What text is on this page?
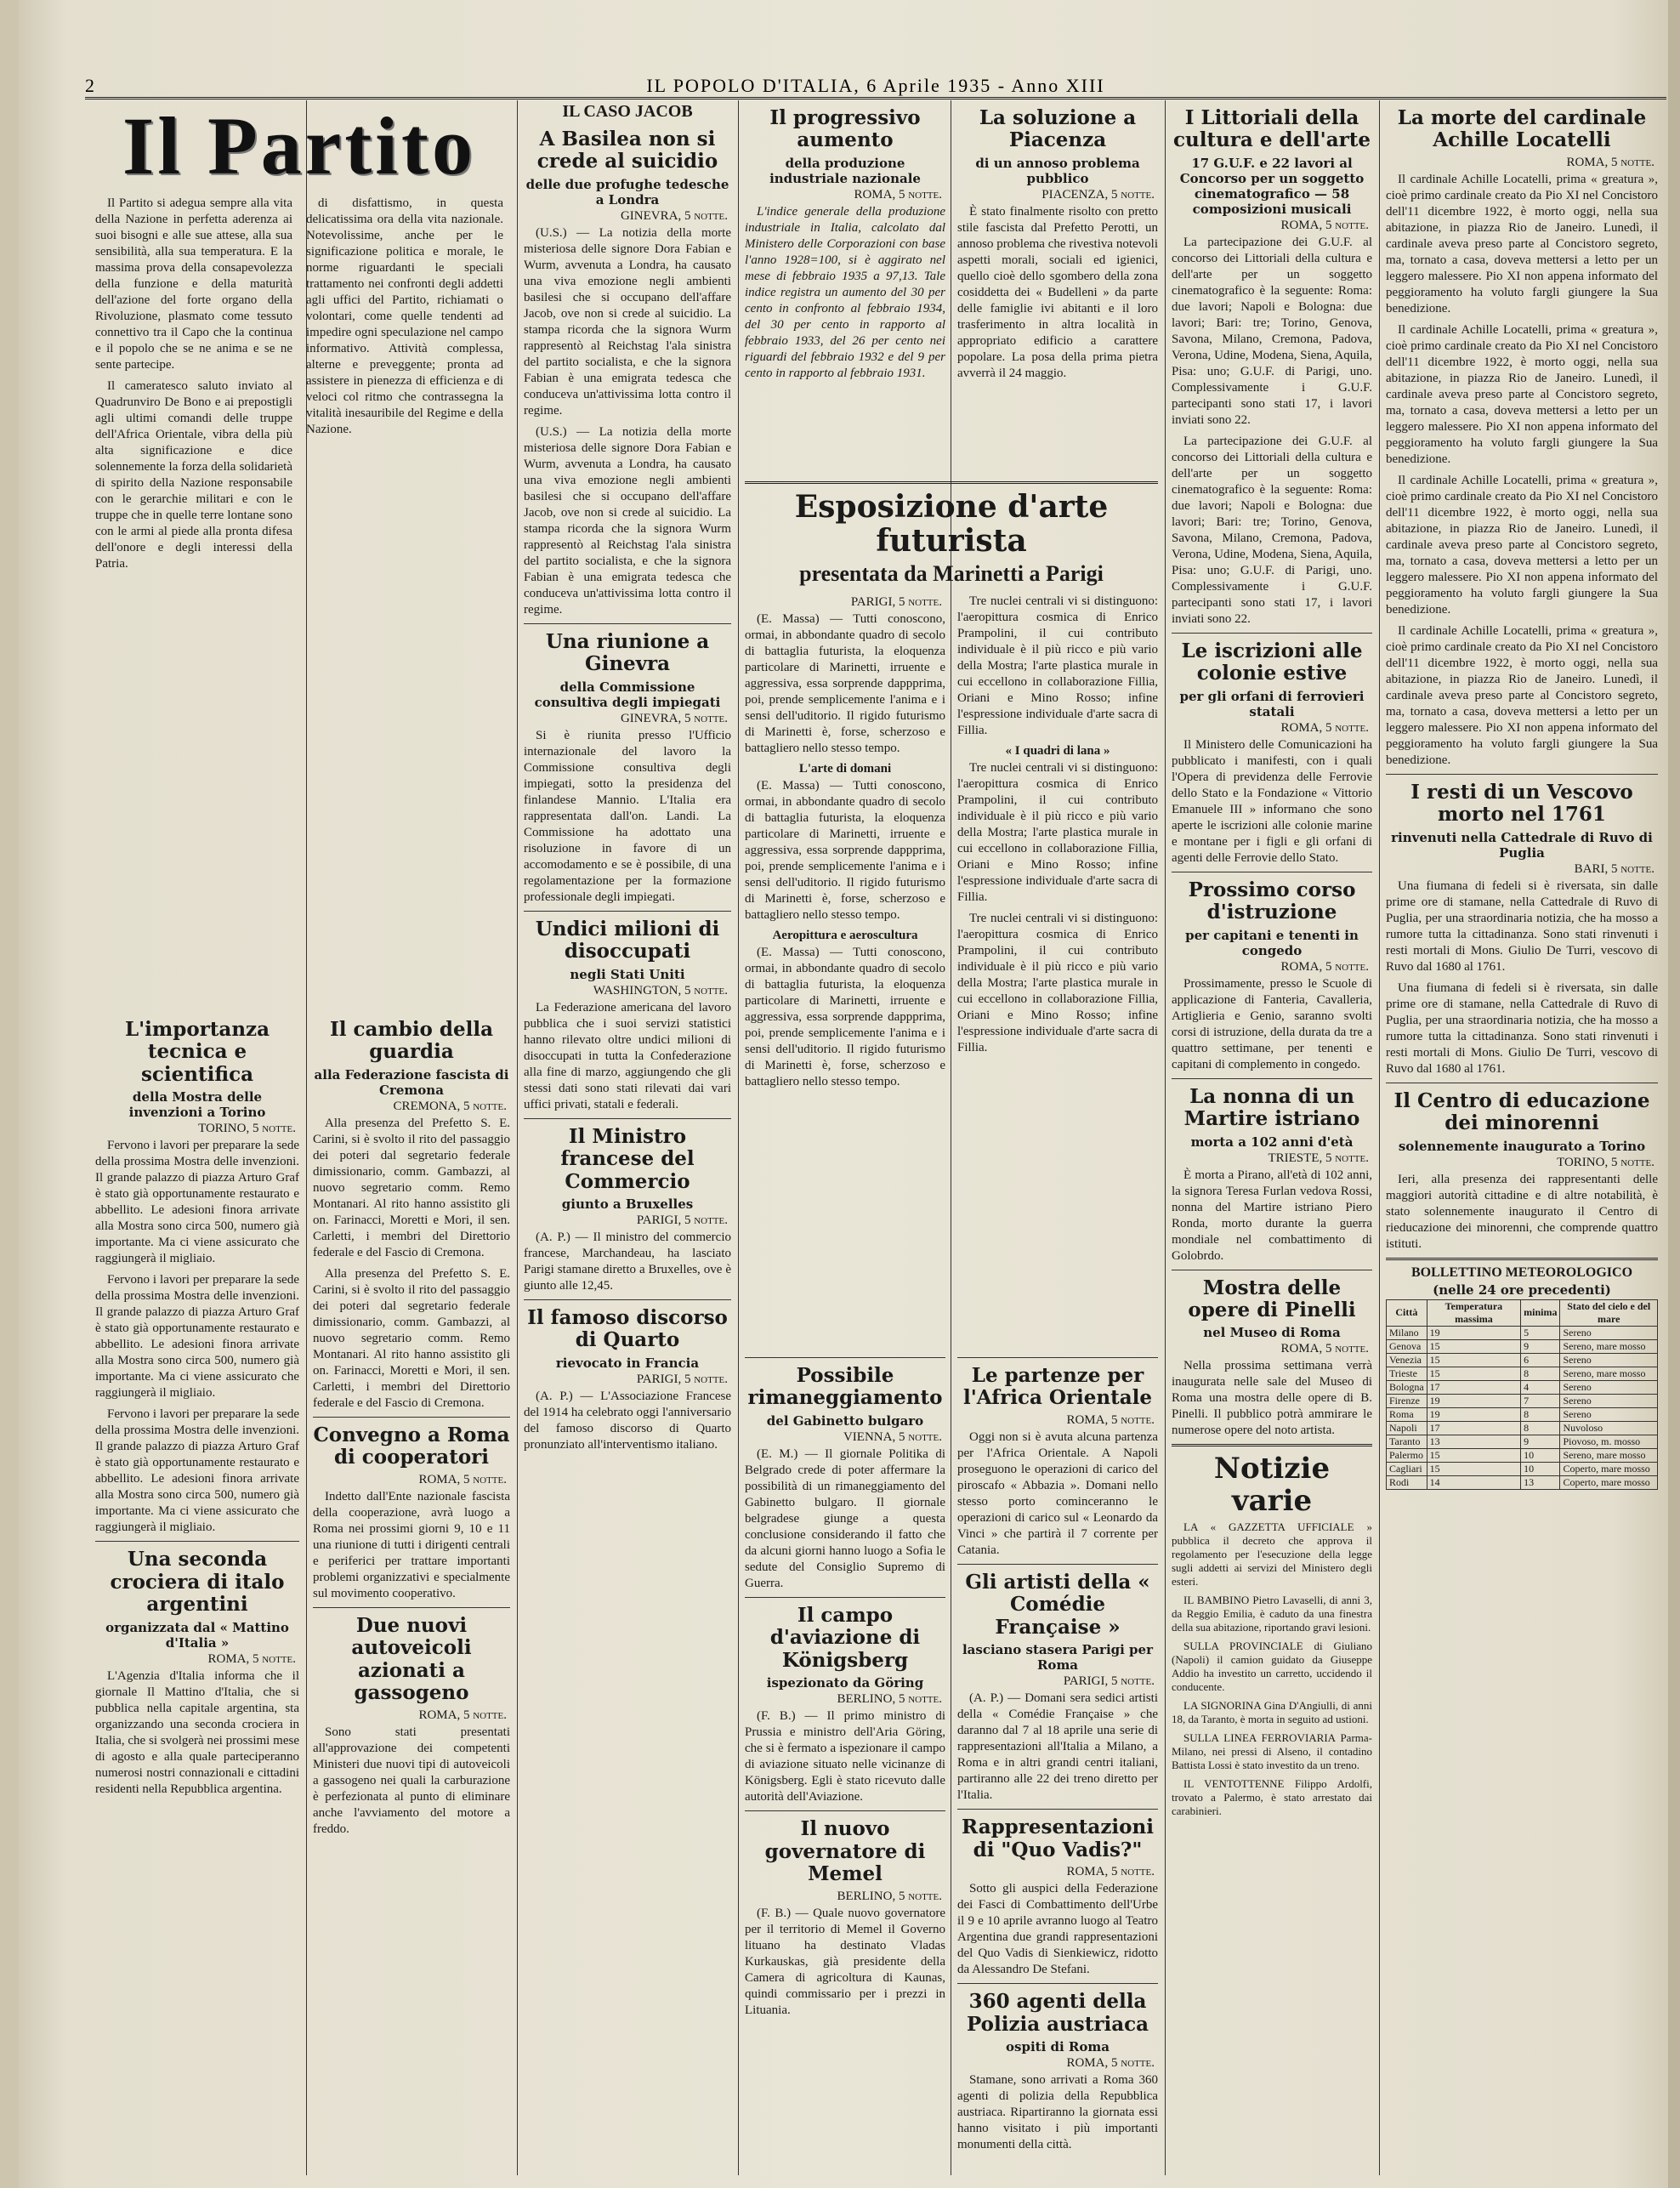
2	IL POPOLO D'ITALIA, 6 Aprile 1935 - Anno XIII
Il Partito

Il Partito si adegua sempre alla vita della Nazione in perfetta aderenza ai suoi bisogni e alle sue attese, alla sua sensibilità, alla sua temperatura. E la massima prova della consapevolezza della funzione e della maturità dell'azione del forte organo della Rivoluzione, plasmato come tessuto connettivo tra il Capo che la continua e il popolo che se ne anima e se ne sente partecipe.

Il cameratesco saluto inviato al Quadrunviro De Bono e ai prepostigli agli ultimi comandi delle truppe dell'Africa Orientale, vibra della più alta significazione e dice solennemente la forza della solidarietà di spirito della Nazione responsabile con le gerarchie militari e con le truppe che in quelle terre lontane sono con le armi al piede alla pronta difesa dell'onore e degli interessi della Patria.

di disfattismo, in questa delicatissima ora della vita nazionale. Notevolissime, anche per le significazione politica e morale, le norme riguardanti le speciali trattamento nei confronti degli addetti agli uffici del Partito, richiamati o volontari, come quelle tendenti ad impedire ogni speculazione nel campo informativo. Attività complessa, alterne e preveggente; pronta ad assistere in pienezza di efficienza e di veloci col ritmo che contrassegna la vitalità inesauribile del Regime e della Nazione.

L'importanza tecnica e scientifica
della Mostra delle invenzioni a Torino
TORINO, 5 notte.

Fervono i lavori per preparare la sede della prossima Mostra delle invenzioni. Il grande palazzo di piazza Arturo Graf è stato già opportunamente restaurato e abbellito. Le adesioni finora arrivate alla Mostra sono circa 500, numero già importante. Ma ci viene assicurato che raggiungerà il migliaio.

Fervono i lavori per preparare la sede della prossima Mostra delle invenzioni. Il grande palazzo di piazza Arturo Graf è stato già opportunamente restaurato e abbellito. Le adesioni finora arrivate alla Mostra sono circa 500, numero già importante. Ma ci viene assicurato che raggiungerà il migliaio.

Fervono i lavori per preparare la sede della prossima Mostra delle invenzioni. Il grande palazzo di piazza Arturo Graf è stato già opportunamente restaurato e abbellito. Le adesioni finora arrivate alla Mostra sono circa 500, numero già importante. Ma ci viene assicurato che raggiungerà il migliaio.

Una seconda crociera di italo argentini
organizzata dal « Mattino d'Italia »
ROMA, 5 notte.

L'Agenzia d'Italia informa che il giornale Il Mattino d'Italia, che si pubblica nella capitale argentina, sta organizzando una seconda crociera in Italia, che si svolgerà nei prossimi mese di agosto e alla quale parteciperanno numerosi nostri connazionali e cittadini residenti nella Repubblica argentina.

Il cambio della guardia
alla Federazione fascista di Cremona
CREMONA, 5 notte.

Alla presenza del Prefetto S. E. Carini, si è svolto il rito del passaggio dei poteri dal segretario federale dimissionario, comm. Gambazzi, al nuovo segretario comm. Remo Montanari. Al rito hanno assistito gli on. Farinacci, Moretti e Mori, il sen. Carletti, i membri del Direttorio federale e del Fascio di Cremona.

Alla presenza del Prefetto S. E. Carini, si è svolto il rito del passaggio dei poteri dal segretario federale dimissionario, comm. Gambazzi, al nuovo segretario comm. Remo Montanari. Al rito hanno assistito gli on. Farinacci, Moretti e Mori, il sen. Carletti, i membri del Direttorio federale e del Fascio di Cremona.

Convegno a Roma di cooperatori
ROMA, 5 notte.

Indetto dall'Ente nazionale fascista della cooperazione, avrà luogo a Roma nei prossimi giorni 9, 10 e 11 una riunione di tutti i dirigenti centrali e periferici per trattare importanti problemi organizzativi e specialmente sul movimento cooperativo.

Due nuovi autoveicoli azionati a gassogeno
ROMA, 5 notte.

Sono stati presentati all'approvazione dei competenti Ministeri due nuovi tipi di autoveicoli a gassogeno nei quali la carburazione è perfezionata al punto di eliminare anche l'avviamento del motore a freddo.

IL CASO JACOB
A Basilea non si crede al suicidio
delle due profughe tedesche a Londra
GINEVRA, 5 notte.

(U.S.) — La notizia della morte misteriosa delle signore Dora Fabian e Wurm, avvenuta a Londra, ha causato una viva emozione negli ambienti basilesi che si occupano dell'affare Jacob, ove non si crede al suicidio. La stampa ricorda che la signora Wurm rappresentò al Reichstag l'ala sinistra del partito socialista, e che la signora Fabian è una emigrata tedesca che conduceva un'attivissima lotta contro il regime.

(U.S.) — La notizia della morte misteriosa delle signore Dora Fabian e Wurm, avvenuta a Londra, ha causato una viva emozione negli ambienti basilesi che si occupano dell'affare Jacob, ove non si crede al suicidio. La stampa ricorda che la signora Wurm rappresentò al Reichstag l'ala sinistra del partito socialista, e che la signora Fabian è una emigrata tedesca che conduceva un'attivissima lotta contro il regime.

Una riunione a Ginevra
della Commissione consultiva degli impiegati
GINEVRA, 5 notte.

Si è riunita presso l'Ufficio internazionale del lavoro la Commissione consultiva degli impiegati, sotto la presidenza del finlandese Mannio. L'Italia era rappresentata dall'on. Landi. La Commissione ha adottato una risoluzione in favore di un accomodamento e se è possibile, di una regolamentazione per la formazione professionale degli impiegati.

Undici milioni di disoccupati
negli Stati Uniti
WASHINGTON, 5 notte.

La Federazione americana del lavoro pubblica che i suoi servizi statistici hanno rilevato oltre undici milioni di disoccupati in tutta la Confederazione alla fine di marzo, aggiungendo che gli stessi dati sono stati rilevati dai vari uffici privati, statali e federali.

Il Ministro francese del Commercio
giunto a Bruxelles
PARIGI, 5 notte.

(A. P.) — Il ministro del commercio francese, Marchandeau, ha lasciato Parigi stamane diretto a Bruxelles, ove è giunto alle 12,45.

Il famoso discorso di Quarto
rievocato in Francia
PARIGI, 5 notte.

(A. P.) — L'Associazione Francese del 1914 ha celebrato oggi l'anniversario del famoso discorso di Quarto pronunziato all'interventismo italiano.

Il progressivo aumento
della produzione industriale nazionale
ROMA, 5 notte.

L'indice generale della produzione industriale in Italia, calcolato dal Ministero delle Corporazioni con base l'anno 1928=100, si è aggirato nel mese di febbraio 1935 a 97,13. Tale indice registra un aumento del 30 per cento in confronto al febbraio 1934, del 30 per cento in rapporto al febbraio 1933, del 26 per cento nei riguardi del febbraio 1932 e del 9 per cento in rapporto al febbraio 1931.

La soluzione a Piacenza
di un annoso problema pubblico
PIACENZA, 5 notte.

È stato finalmente risolto con pretto stile fascista dal Prefetto Perotti, un annoso problema che rivestiva notevoli aspetti morali, sociali ed igienici, quello cioè dello sgombero della zona cosiddetta dei « Budelleni » da parte delle famiglie ivi abitanti e il loro trasferimento in altra località in appropriato edificio a carattere popolare. La posa della prima pietra avverrà il 24 maggio.

Esposizione d'arte futurista
presentata da Marinetti a Parigi
PARIGI, 5 notte.

(E. Massa) — Tutti conoscono, ormai, in abbondante quadro di secolo di battaglia futurista, la eloquenza particolare di Marinetti, irruente e aggressiva, essa sorprende dappprima, poi, prende semplicemente l'anima e i sensi dell'uditorio. Il rigido futurismo di Marinetti è, forse, scherzoso e battagliero nello stesso tempo.

L'arte di domani

(E. Massa) — Tutti conoscono, ormai, in abbondante quadro di secolo di battaglia futurista, la eloquenza particolare di Marinetti, irruente e aggressiva, essa sorprende dappprima, poi, prende semplicemente l'anima e i sensi dell'uditorio. Il rigido futurismo di Marinetti è, forse, scherzoso e battagliero nello stesso tempo.

Aeropittura e aeroscultura

(E. Massa) — Tutti conoscono, ormai, in abbondante quadro di secolo di battaglia futurista, la eloquenza particolare di Marinetti, irruente e aggressiva, essa sorprende dappprima, poi, prende semplicemente l'anima e i sensi dell'uditorio. Il rigido futurismo di Marinetti è, forse, scherzoso e battagliero nello stesso tempo.

Tre nuclei centrali vi si distinguono: l'aeropittura cosmica di Enrico Prampolini, il cui contributo individuale è il più ricco e più vario della Mostra; l'arte plastica murale in cui eccellono in collaborazione Fillia, Oriani e Mino Rosso; infine l'espressione individuale d'arte sacra di Fillia.

« I quadri di lana »

Tre nuclei centrali vi si distinguono: l'aeropittura cosmica di Enrico Prampolini, il cui contributo individuale è il più ricco e più vario della Mostra; l'arte plastica murale in cui eccellono in collaborazione Fillia, Oriani e Mino Rosso; infine l'espressione individuale d'arte sacra di Fillia.

Tre nuclei centrali vi si distinguono: l'aeropittura cosmica di Enrico Prampolini, il cui contributo individuale è il più ricco e più vario della Mostra; l'arte plastica murale in cui eccellono in collaborazione Fillia, Oriani e Mino Rosso; infine l'espressione individuale d'arte sacra di Fillia.

Possibile rimaneggiamento
del Gabinetto bulgaro
VIENNA, 5 notte.

(E. M.) — Il giornale Politika di Belgrado crede di poter affermare la possibilità di un rimaneggiamento del Gabinetto bulgaro. Il giornale belgradese giunge a questa conclusione considerando il fatto che da alcuni giorni hanno luogo a Sofia le sedute del Consiglio Supremo di Guerra.

Il campo d'aviazione di Königsberg
ispezionato da Göring
BERLINO, 5 notte.

(F. B.) — Il primo ministro di Prussia e ministro dell'Aria Göring, che si è fermato a ispezionare il campo di aviazione situato nelle vicinanze di Königsberg. Egli è stato ricevuto dalle autorità dell'Aviazione.

Il nuovo governatore di Memel
BERLINO, 5 notte.

(F. B.) — Quale nuovo governatore per il territorio di Memel il Governo lituano ha destinato Vladas Kurkauskas, già presidente della Camera di agricoltura di Kaunas, quindi commissario per i prezzi in Lituania.

Le partenze per l'Africa Orientale
ROMA, 5 notte.

Oggi non si è avuta alcuna partenza per l'Africa Orientale. A Napoli proseguono le operazioni di carico del piroscafo « Abbazia ». Domani nello stesso porto cominceranno le operazioni di carico sul « Leonardo da Vinci » che partirà il 7 corrente per Catania.

Gli artisti della « Comédie Française »
lasciano stasera Parigi per Roma
PARIGI, 5 notte.

(A. P.) — Domani sera sedici artisti della « Comédie Française » che daranno dal 7 al 18 aprile una serie di rappresentazioni all'Italia a Milano, a Roma e in altri grandi centri italiani, partiranno alle 22 dei treno diretto per l'Italia.

Rappresentazioni di "Quo Vadis?"
ROMA, 5 notte.

Sotto gli auspici della Federazione dei Fasci di Combattimento dell'Urbe il 9 e 10 aprile avranno luogo al Teatro Argentina due grandi rappresentazioni del Quo Vadis di Sienkiewicz, ridotto da Alessandro De Stefani.

360 agenti della Polizia austriaca
ospiti di Roma
ROMA, 5 notte.

Stamane, sono arrivati a Roma 360 agenti di polizia della Repubblica austriaca. Ripartiranno la giornata essi hanno visitato i più importanti monumenti della città.

I Littoriali della cultura e dell'arte
17 G.U.F. e 22 lavori al Concorso per un soggetto cinematografico — 58 composizioni musicali
ROMA, 5 notte.

La partecipazione dei G.U.F. al concorso dei Littoriali della cultura e dell'arte per un soggetto cinematografico è la seguente: Roma: due lavori; Napoli e Bologna: due lavori; Bari: tre; Torino, Genova, Savona, Milano, Cremona, Padova, Verona, Udine, Modena, Siena, Aquila, Pisa: uno; G.U.F. di Parigi, uno. Complessivamente i G.U.F. partecipanti sono stati 17, i lavori inviati sono 22.

La partecipazione dei G.U.F. al concorso dei Littoriali della cultura e dell'arte per un soggetto cinematografico è la seguente: Roma: due lavori; Napoli e Bologna: due lavori; Bari: tre; Torino, Genova, Savona, Milano, Cremona, Padova, Verona, Udine, Modena, Siena, Aquila, Pisa: uno; G.U.F. di Parigi, uno. Complessivamente i G.U.F. partecipanti sono stati 17, i lavori inviati sono 22.

Le iscrizioni alle colonie estive
per gli orfani di ferrovieri statali
ROMA, 5 notte.

Il Ministero delle Comunicazioni ha pubblicato i manifesti, con i quali l'Opera di previdenza delle Ferrovie dello Stato e la Fondazione « Vittorio Emanuele III » informano che sono aperte le iscrizioni alle colonie marine e montane per i figli e gli orfani di agenti delle Ferrovie dello Stato.

Prossimo corso d'istruzione
per capitani e tenenti in congedo
ROMA, 5 notte.

Prossimamente, presso le Scuole di applicazione di Fanteria, Cavalleria, Artiglieria e Genio, saranno svolti corsi di istruzione, della durata da tre a quattro settimane, per tenenti e capitani di complemento in congedo.

La nonna di un Martire istriano
morta a 102 anni d'età
TRIESTE, 5 notte.

È morta a Pirano, all'età di 102 anni, la signora Teresa Furlan vedova Rossi, nonna del Martire istriano Piero Ronda, morto durante la guerra mondiale nel combattimento di Golobrdo.

Mostra delle opere di Pinelli
nel Museo di Roma
ROMA, 5 notte.

Nella prossima settimana verrà inaugurata nelle sale del Museo di Roma una mostra delle opere di B. Pinelli. Il pubblico potrà ammirare le numerose opere del noto artista.

Notizie varie

LA « GAZZETTA UFFICIALE » pubblica il decreto che approva il regolamento per l'esecuzione della legge sugli addetti ai servizi del Ministero degli esteri.

IL BAMBINO Pietro Lavaselli, di anni 3, da Reggio Emilia, è caduto da una finestra della sua abitazione, riportando gravi lesioni.

SULLA PROVINCIALE di Giuliano (Napoli) il camion guidato da Giuseppe Addio ha investito un carretto, uccidendo il conducente.

LA SIGNORINA Gina D'Angiulli, di anni 18, da Taranto, è morta in seguito ad ustioni.

SULLA LINEA FERROVIARIA Parma-Milano, nei pressi di Alseno, il contadino Battista Lossi è stato investito da un treno.

IL VENTOTTENNE Filippo Ardolfi, trovato a Palermo, è stato arrestato dai carabinieri.

La morte del cardinale Achille Locatelli
ROMA, 5 notte.

Il cardinale Achille Locatelli, prima « greatura », cioè primo cardinale creato da Pio XI nel Concistoro dell'11 dicembre 1922, è morto oggi, nella sua abitazione, in piazza Rio de Janeiro. Lunedì, il cardinale aveva preso parte al Concistoro segreto, ma, tornato a casa, doveva mettersi a letto per un leggero malessere. Pio XI non appena informato del peggioramento ha voluto fargli giungere la Sua benedizione.

Il cardinale Achille Locatelli, prima « greatura », cioè primo cardinale creato da Pio XI nel Concistoro dell'11 dicembre 1922, è morto oggi, nella sua abitazione, in piazza Rio de Janeiro. Lunedì, il cardinale aveva preso parte al Concistoro segreto, ma, tornato a casa, doveva mettersi a letto per un leggero malessere. Pio XI non appena informato del peggioramento ha voluto fargli giungere la Sua benedizione.

Il cardinale Achille Locatelli, prima « greatura », cioè primo cardinale creato da Pio XI nel Concistoro dell'11 dicembre 1922, è morto oggi, nella sua abitazione, in piazza Rio de Janeiro. Lunedì, il cardinale aveva preso parte al Concistoro segreto, ma, tornato a casa, doveva mettersi a letto per un leggero malessere. Pio XI non appena informato del peggioramento ha voluto fargli giungere la Sua benedizione.

Il cardinale Achille Locatelli, prima « greatura », cioè primo cardinale creato da Pio XI nel Concistoro dell'11 dicembre 1922, è morto oggi, nella sua abitazione, in piazza Rio de Janeiro. Lunedì, il cardinale aveva preso parte al Concistoro segreto, ma, tornato a casa, doveva mettersi a letto per un leggero malessere. Pio XI non appena informato del peggioramento ha voluto fargli giungere la Sua benedizione.

I resti di un Vescovo morto nel 1761
rinvenuti nella Cattedrale di Ruvo di Puglia
BARI, 5 notte.

Una fiumana di fedeli si è riversata, sin dalle prime ore di stamane, nella Cattedrale di Ruvo di Puglia, per una straordinaria notizia, che ha mosso a rumore tutta la cittadinanza. Sono stati rinvenuti i resti mortali di Mons. Giulio De Turri, vescovo di Ruvo dal 1680 al 1761.

Una fiumana di fedeli si è riversata, sin dalle prime ore di stamane, nella Cattedrale di Ruvo di Puglia, per una straordinaria notizia, che ha mosso a rumore tutta la cittadinanza. Sono stati rinvenuti i resti mortali di Mons. Giulio De Turri, vescovo di Ruvo dal 1680 al 1761.

Il Centro di educazione dei minorenni
solennemente inaugurato a Torino
TORINO, 5 notte.

Ieri, alla presenza dei rappresentanti delle maggiori autorità cittadine e di altre notabilità, è stato solennemente inaugurato il Centro di rieducazione dei minorenni, che comprende quattro istituti.

BOLLETTINO METEOROLOGICO
(nelle 24 ore precedenti)
Città	Temperatura massima	minima	Stato del cielo e del mare
Milano	19	5	Sereno
Genova	15	9	Sereno, mare mosso
Venezia	15	6	Sereno
Trieste	15	8	Sereno, mare mosso
Bologna	17	4	Sereno
Firenze	19	7	Sereno
Roma	19	8	Sereno
Napoli	17	8	Nuvoloso
Taranto	13	9	Piovoso, m. mosso
Palermo	15	10	Sereno, mare mosso
Cagliari	15	10	Coperto, mare mosso
Rodi	14	13	Coperto, mare mosso
